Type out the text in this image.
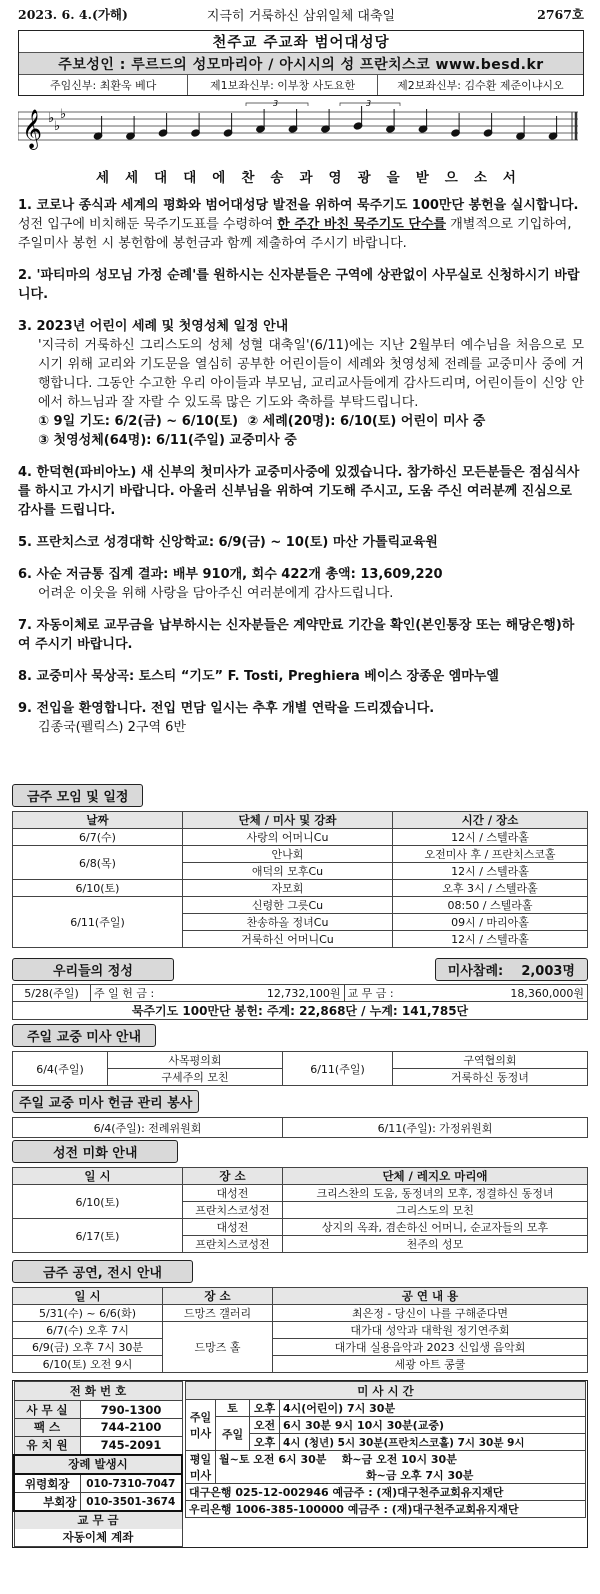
2023. 6. 4.(가해)	지극히 거룩하신 삼위일체 대축일	2767호
천주교 주교좌 범어대성당
주보성인 : 루르드의 성모마리아 / 아시시의 성 프란치스코 www.besd.kr
주임신부: 최환욱 베다	제1보좌신부: 이부창 사도요한	제2보좌신부: 김수환 제준이냐시오
𝄞 ♭
♭
♭
3	3
세 세 대 대 에 찬 송 과 영 광 을 받 으 소 서

1. 코로나 종식과 세계의 평화와 범어대성당 발전을 위하여 묵주기도 100만단 봉헌을 실시합니다. 성전 입구에 비치해둔 묵주기도표를 수령하여 한 주간 바친 묵주기도 단수를 개별적으로 기입하여, 주일미사 봉헌 시 봉헌함에 봉헌금과 함께 제출하여 주시기 바랍니다.

2. '파티마의 성모님 가정 순례'를 원하시는 신자분들은 구역에 상관없이 사무실로 신청하시기 바랍니다.

3. 2023년 어린이 세례 및 첫영성체 일정 안내

'지극히 거룩하신 그리스도의 성체 성혈 대축일'(6/11)에는 지난 2월부터 예수님을 처음으로 모시기 위해 교리와 기도문을 열심히 공부한 어린이들이 세례와 첫영성체 전례를 교중미사 중에 거행합니다. 그동안 수고한 우리 아이들과 부모님, 교리교사들에게 감사드리며, 어린이들이 신앙 안에서 하느님과 잘 자랄 수 있도록 많은 기도와 축하를 부탁드립니다.

① 9일 기도: 6/2(금) ~ 6/10(토) ② 세례(20명): 6/10(토) 어린이 미사 중

③ 첫영성체(64명): 6/11(주일) 교중미사 중

4. 한덕현(파비아노) 새 신부의 첫미사가 교중미사중에 있겠습니다. 참가하신 모든분들은 점심식사를 하시고 가시기 바랍니다. 아울러 신부님을 위하여 기도해 주시고, 도움 주신 여러분께 진심으로 감사를 드립니다.

5. 프란치스코 성경대학 신앙학교: 6/9(금) ~ 10(토) 마산 가톨릭교육원

6. 사순 저금통 집계 결과: 배부 910개, 회수 422개 총액: 13,609,220

어려운 이웃을 위해 사랑을 담아주신 여러분에게 감사드립니다.

7. 자동이체로 교무금을 납부하시는 신자분들은 계약만료 기간을 확인(본인통장 또는 해당은행)하여 주시기 바랍니다.

8. 교중미사 묵상곡: 토스티 “기도” F. Tosti, Preghiera 베이스 장종운 엠마누엘

9. 전입을 환영합니다. 전입 면담 일시는 추후 개별 연락을 드리겠습니다.

김종국(펠릭스) 2구역 6반

금주 모임 및 일정
날짜	단체 / 미사 및 강좌	시간 / 장소
6/7(수)	사랑의 어머니Cu	12시 / 스텔라홀
6/8(목)	안나회	오전미사 후 / 프란치스코홀
	애덕의 모후Cu	12시 / 스텔라홀
6/10(토)	자모회	오후 3시 / 스텔라홀
6/11(주일)	신령한 그릇Cu	08:50 / 스텔라홀
	찬송하올 정녀Cu	09시 / 마리아홀
	거룩하신 어머니Cu	12시 / 스텔라홀
우리들의 정성	미사참례: 2,003명
5/28(주일)	주 일 헌 금 :	12,732,100원	교 무 금 :	18,360,000원
묵주기도 100만단 봉헌: 주계: 22,868단 / 누계: 141,785단
주일 교중 미사 안내
6/4(주일)	사목평의회	6/11(주일)	구역협의회
	구세주의 모친		거룩하신 동정녀
주일 교중 미사 헌금 관리 봉사
6/4(주일): 전례위원회	6/11(주일): 가정위원회
성전 미화 안내
일 시	장 소	단체 / 레지오 마리애
6/10(토)	대성전	크리스찬의 도움, 동정녀의 모후, 정결하신 동정녀
	프란치스코성전	그리스도의 모친
6/17(토)	대성전	상지의 옥좌, 겸손하신 어머니, 순교자들의 모후
	프란치스코성전	천주의 성모
금주 공연, 전시 안내
일 시	장 소	공 연 내 용
5/31(수) ~ 6/6(화)	드망즈 갤러리	최은정 - 당신이 나를 구해준다면
6/7(수) 오후 7시	드망즈 홀	대가대 성악과 대학원 정기연주회
6/9(금) 오후 7시 30분		대가대 실용음악과 2023 신입생 음악회
6/10(토) 오전 9시		세광 아트 콩쿨
전 화 번 호	
사 무 실	790-1300
팩 스	744-2100
유 치 원	745-2091
장례 발생시	
위령회장	010-7310-7047
부회장	010-3501-3674
교 무 금	
자동이체 계좌	
미 사 시 간			
주일 미사	토	오후	4시(어린이) 7시 30분
	주일	오전	6시 30분 9시 10시 30분(교중)
		오후	4시 (청년) 5시 30분(프란치스코홀) 7시 30분 9시
평일 미사	월~토 오전 6시 30분 화~금 오전 10시 30분		
	화~금 오후 7시 30분		
대구은행 025-12-002946 예금주 : (재)대구천주교회유지재단			
우리은행 1006-385-100000 예금주 : (재)대구천주교회유지재단			
